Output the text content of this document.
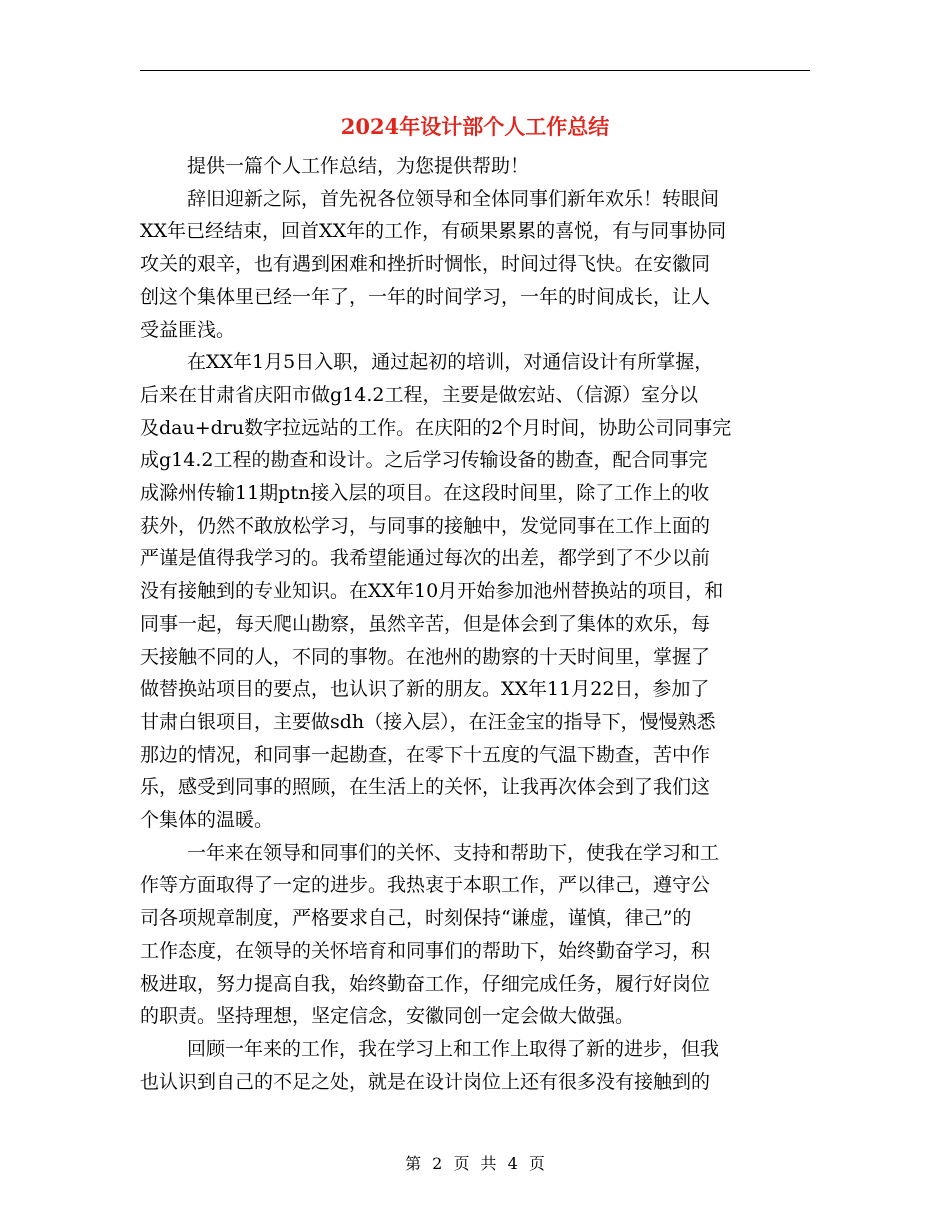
2024年设计部个人工作总结

提供一篇个人工作总结，为您提供帮助！

辞旧迎新之际，首先祝各位领导和全体同事们新年欢乐！转眼间
XX年已经结束，回首XX年的工作，有硕果累累的喜悦，有与同事协同
攻关的艰辛，也有遇到困难和挫折时惆怅，时间过得飞快。在安徽同
创这个集体里已经一年了，一年的时间学习，一年的时间成长，让人
受益匪浅。

在XX年1月5日入职，通过起初的培训，对通信设计有所掌握，
后来在甘肃省庆阳市做g14.2工程，主要是做宏站、（信源）室分以
及dau+dru数字拉远站的工作。在庆阳的2个月时间，协助公司同事完
成g14.2工程的勘查和设计。之后学习传输设备的勘查，配合同事完
成滁州传输11期ptn接入层的项目。在这段时间里，除了工作上的收
获外，仍然不敢放松学习，与同事的接触中，发觉同事在工作上面的
严谨是值得我学习的。我希望能通过每次的出差，都学到了不少以前
没有接触到的专业知识。在XX年10月开始参加池州替换站的项目，和
同事一起，每天爬山勘察，虽然辛苦，但是体会到了集体的欢乐，每
天接触不同的人，不同的事物。在池州的勘察的十天时间里，掌握了
做替换站项目的要点，也认识了新的朋友。XX年11月22日，参加了
甘肃白银项目，主要做sdh（接入层），在汪金宝的指导下，慢慢熟悉
那边的情况，和同事一起勘查，在零下十五度的气温下勘查，苦中作
乐，感受到同事的照顾，在生活上的关怀，让我再次体会到了我们这
个集体的温暖。

一年来在领导和同事们的关怀、支持和帮助下，使我在学习和工
作等方面取得了一定的进步。我热衷于本职工作，严以律己，遵守公
司各项规章制度，严格要求自己，时刻保持“谦虚，谨慎，律己”的
工作态度，在领导的关怀培育和同事们的帮助下，始终勤奋学习，积
极进取，努力提高自我，始终勤奋工作，仔细完成任务，履行好岗位
的职责。坚持理想，坚定信念，安徽同创一定会做大做强。

回顾一年来的工作，我在学习上和工作上取得了新的进步，但我
也认识到自己的不足之处，就是在设计岗位上还有很多没有接触到的

第 2 页 共 4 页
